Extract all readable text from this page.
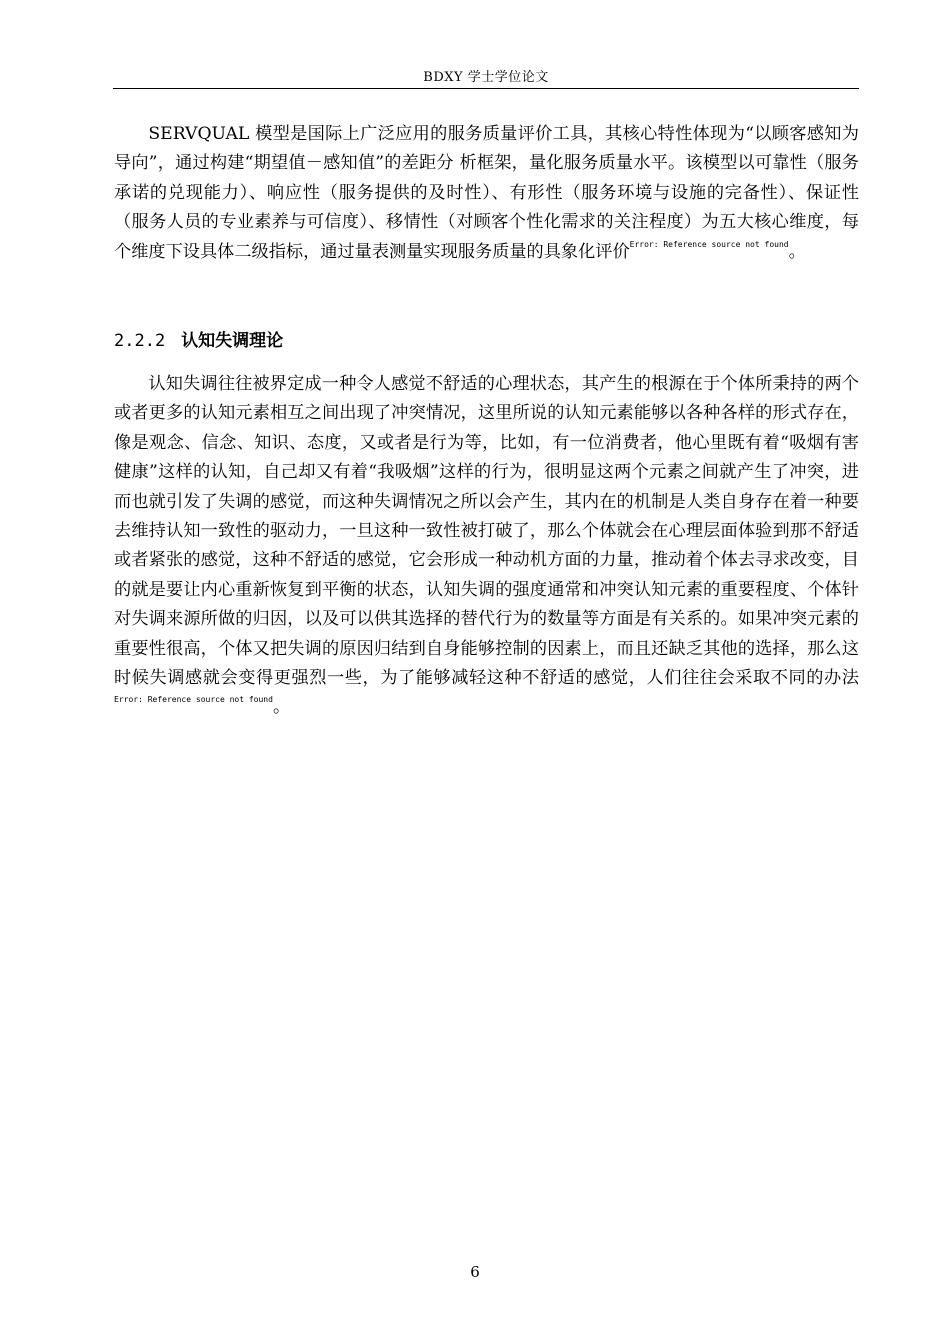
BDXY 学士学位论文

SERVQUAL 模型是国际上广泛应用的服务质量评价工具，其核心特性体现为“以顾客感知为导向”，通过构建“期望值－感知值”的差距分 析框架，量化服务质量水平。该模型以可靠性（服务承诺的兑现能力）、响应性（服务提供的及时性）、有形性（服务环境与设施的完备性）、保证性（服务人员的专业素养与可信度）、移情性（对顾客个性化需求的关注程度）为五大核心维度，每个维度下设具体二级指标，通过量表测量实现服务质量的具象化评价$^{Error: Reference source not found}$。

2.2.2 认知失调理论

认知失调往往被界定成一种令人感觉不舒适的心理状态，其产生的根源在于个体所秉持的两个或者更多的认知元素相互之间出现了冲突情况，这里所说的认知元素能够以各种各样的形式存在，像是观念、信念、知识、态度，又或者是行为等，比如，有一位消费者，他心里既有着“吸烟有害健康”这样的认知，自己却又有着“我吸烟”这样的行为，很明显这两个元素之间就产生了冲突，进而也就引发了失调的感觉，而这种失调情况之所以会产生，其内在的机制是人类自身存在着一种要去维持认知一致性的驱动力，一旦这种一致性被打破了，那么个体就会在心理层面体验到那不舒适或者紧张的感觉，这种不舒适的感觉，它会形成一种动机方面的力量，推动着个体去寻求改变，目的就是要让内心重新恢复到平衡的状态，认知失调的强度通常和冲突认知元素的重要程度、个体针对失调来源所做的归因，以及可以供其选择的替代行为的数量等方面是有关系的。如果冲突元素的重要性很高，个体又把失调的原因归结到自身能够控制的因素上，而且还缺乏其他的选择，那么这时候失调感就会变得更强烈一些，为了能够减轻这种不舒适的感觉，人们往往会采取不同的办法$^{Error: Reference source not found}$。

6
